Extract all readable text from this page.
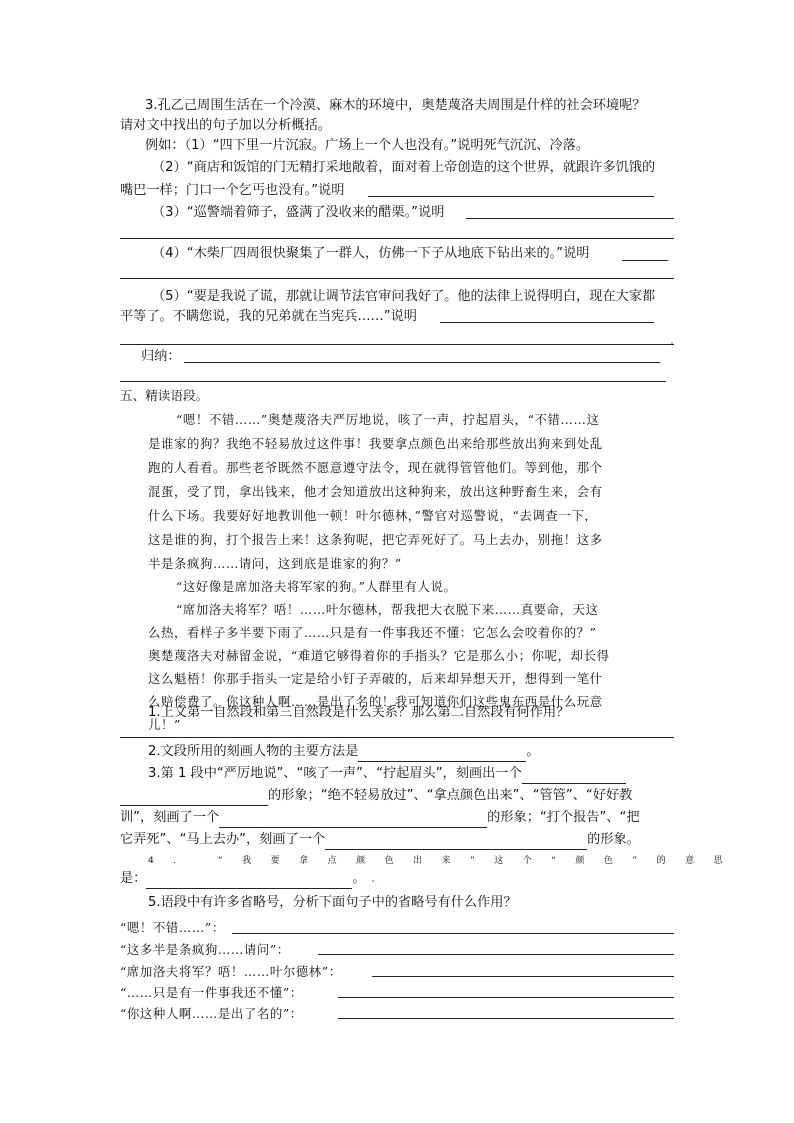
3.孔乙己周围生活在一个冷漠、麻木的环境中，奥楚蔑洛夫周围是什样的社会环境呢？
请对文中找出的句子加以分析概括。
例如：（1）“四下里一片沉寂。广场上一个人也没有。”说明死气沉沉、冷落。
（2）“商店和饭馆的门无精打采地敞着，面对着上帝创造的这个世界，就跟许多饥饿的
嘴巴一样；门口一个乞丐也没有。”说明
（3）“巡警端着筛子，盛满了没收来的醋栗。”说明
（4）“木柴厂四周很快聚集了一群人，仿佛一下子从地底下钻出来的。”说明
（5）“要是我说了谎，那就让调节法官审问我好了。他的法律上说得明白，现在大家都
平等了。不瞒您说，我的兄弟就在当宪兵……”说明
归纳：
五、精读语段。
“嗯！不错……”奥楚蔑洛夫严厉地说，咳了一声，拧起眉头，“不错……这
是谁家的狗？我绝不轻易放过这件事！我要拿点颜色出来给那些放出狗来到处乱
跑的人看看。那些老爷既然不愿意遵守法令，现在就得管管他们。等到他，那个
混蛋，受了罚，拿出钱来，他才会知道放出这种狗来，放出这种野畜生来，会有
什么下场。我要好好地教训他一顿！叶尔德林，”警官对巡警说，“去调查一下，
这是谁的狗，打个报告上来！这条狗呢，把它弄死好了。马上去办，别拖！这多
半是条疯狗……请问，这到底是谁家的狗？”
“这好像是席加洛夫将军家的狗。”人群里有人说。
“席加洛夫将军？唔！……叶尔德林，帮我把大衣脱下来……真要命，天这
么热，看样子多半要下雨了……只是有一件事我还不懂：它怎么会咬着你的？”
奥楚蔑洛夫对赫留金说，“难道它够得着你的手指头？它是那么小；你呢，却长得
这么魁梧！你那手指头一定是给小钉子弄破的，后来却异想天开，想得到一笔什
么赔偿费了。你这种人啊……是出了名的！我可知道你们这些鬼东西是什么玩意
儿！”
1.上文第一自然段和第三自然段是什么关系？那么第二自然段有何作用？
2.文段所用的刻画人物的主要方法是	。
3.第 1 段中“严厉地说”、“咳了一声”、“拧起眉头”，刻画出一个
的形象；“绝不轻易放过”、“拿点颜色出来”、“管管”、“好好教
训”，刻画了一个	的形象；“打个报告”、“把
它弄死”、“马上去办”，刻画了一个	的形象。
4. “我要拿点颜色出来”这个“颜色”的意思
是：	。
5.语段中有许多省略号，分析下面句子中的省略号有什么作用？
“嗯！不错……”：
“这多半是条疯狗……请问”：
“席加洛夫将军？唔！……叶尔德林”：
“……只是有一件事我还不懂”：
“你这种人啊……是出了名的”：
